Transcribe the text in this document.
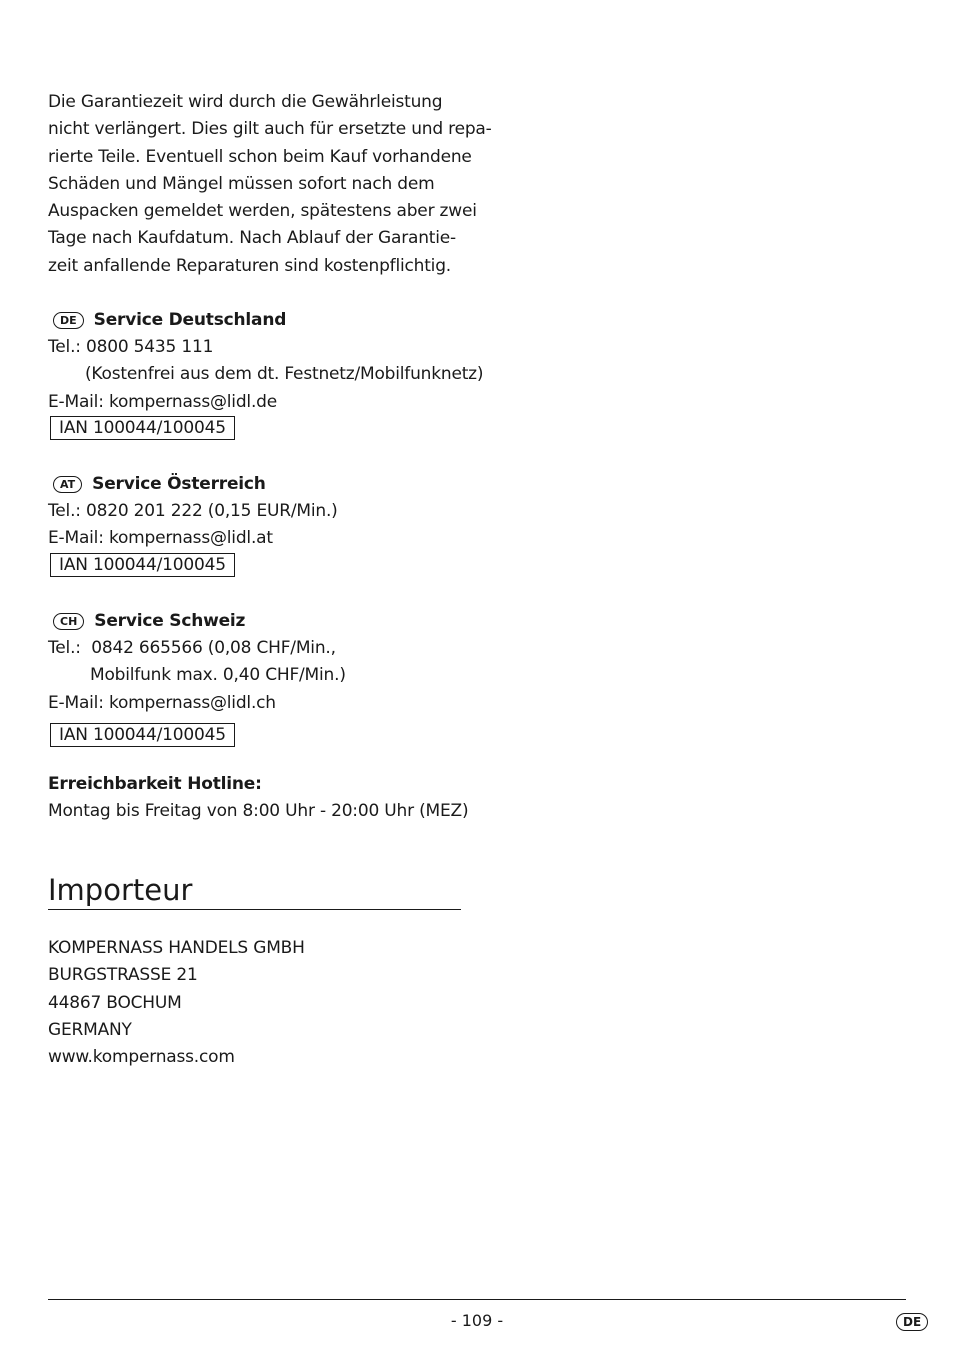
Die Garantiezeit wird durch die Gewährleistung
nicht verlängert. Dies gilt auch für ersetzte und repa-
rierte Teile. Eventuell schon beim Kauf vorhandene
Schäden und Mängel müssen sofort nach dem
Auspacken gemeldet werden, spätestens aber zwei
Tage nach Kaufdatum. Nach Ablauf der Garantie-
zeit anfallende Reparaturen sind kostenpflichtig.
DE	Service Deutschland
Tel.: 0800 5435 111
(Kostenfrei aus dem dt. Festnetz/Mobilfunknetz)
E-Mail: kompernass@lidl.de
IAN 100044/100045
AT	Service Österreich
Tel.: 0820 201 222 (0,15 EUR/Min.)
E-Mail: kompernass@lidl.at
IAN 100044/100045
CH	Service Schweiz
Tel.:  0842 665566 (0,08 CHF/Min.,
Mobilfunk max. 0,40 CHF/Min.)
E-Mail: kompernass@lidl.ch
IAN 100044/100045
Erreichbarkeit Hotline:
Montag bis Freitag von 8:00 Uhr - 20:00 Uhr (MEZ)
Importeur
KOMPERNASS HANDELS GMBH
BURGSTRASSE 21
44867 BOCHUM
GERMANY
www.kompernass.com
- 109 -	DE
